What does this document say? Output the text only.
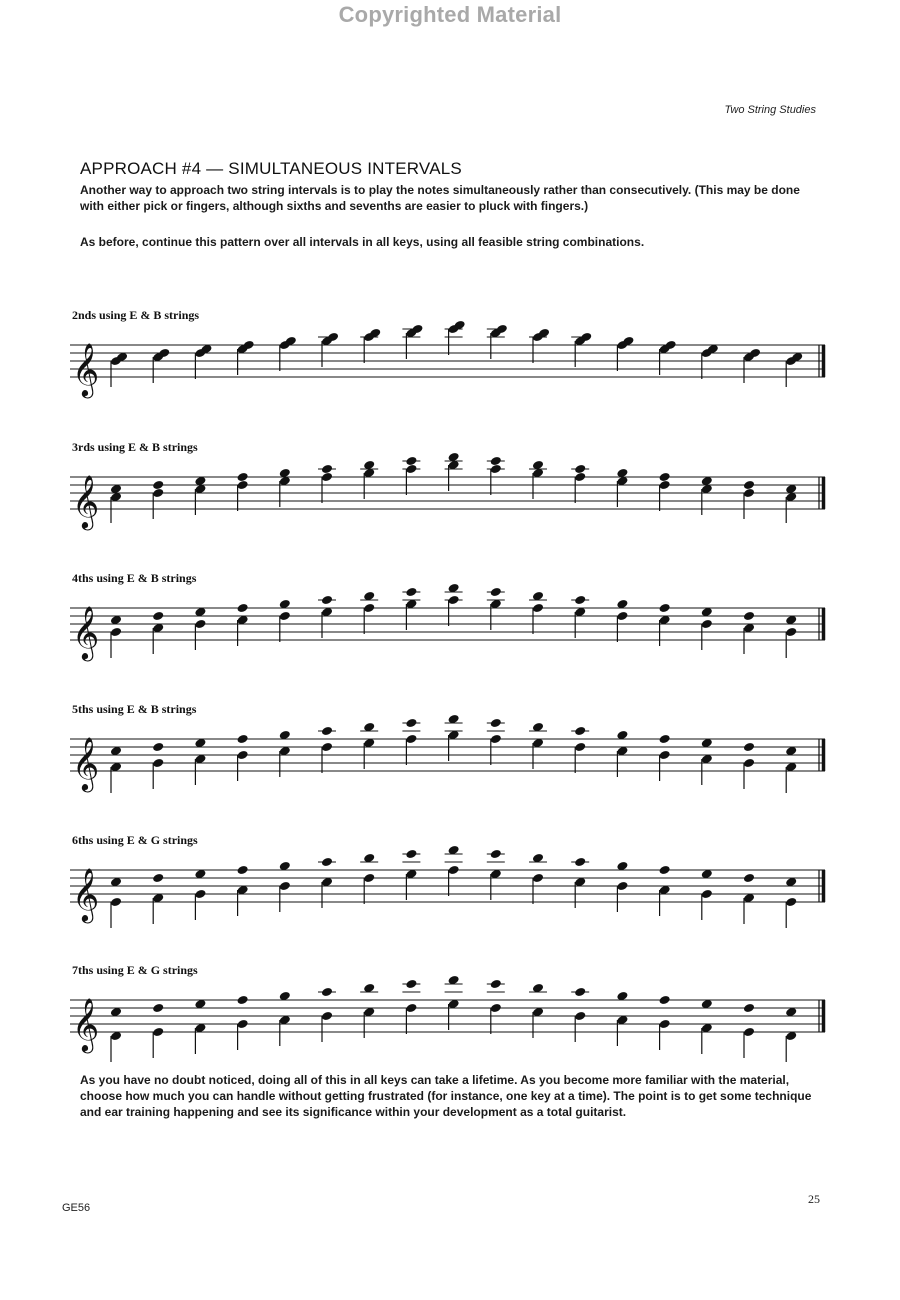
Copyrighted Material
Two String Studies
APPROACH #4 — SIMULTANEOUS INTERVALS

Another way to approach two string intervals is to play the notes simultaneously rather than consecutively. (This may be done with either pick or fingers, although sixths and sevenths are easier to pluck with fingers.)

As before, continue this pattern over all intervals in all keys, using all feasible string combinations.

2nds using E & B strings
𝄞
3rds using E & B strings
𝄞
4ths using E & B strings
𝄞
5ths using E & B strings
𝄞
6ths using E & G strings
𝄞
7ths using E & G strings
𝄞

As you have no doubt noticed, doing all of this in all keys can take a lifetime. As you become more familiar with the material, choose how much you can handle without getting frustrated (for instance, one key at a time). The point is to get some technique and ear training happening and see its significance within your development as a total guitarist.

GE56
25
